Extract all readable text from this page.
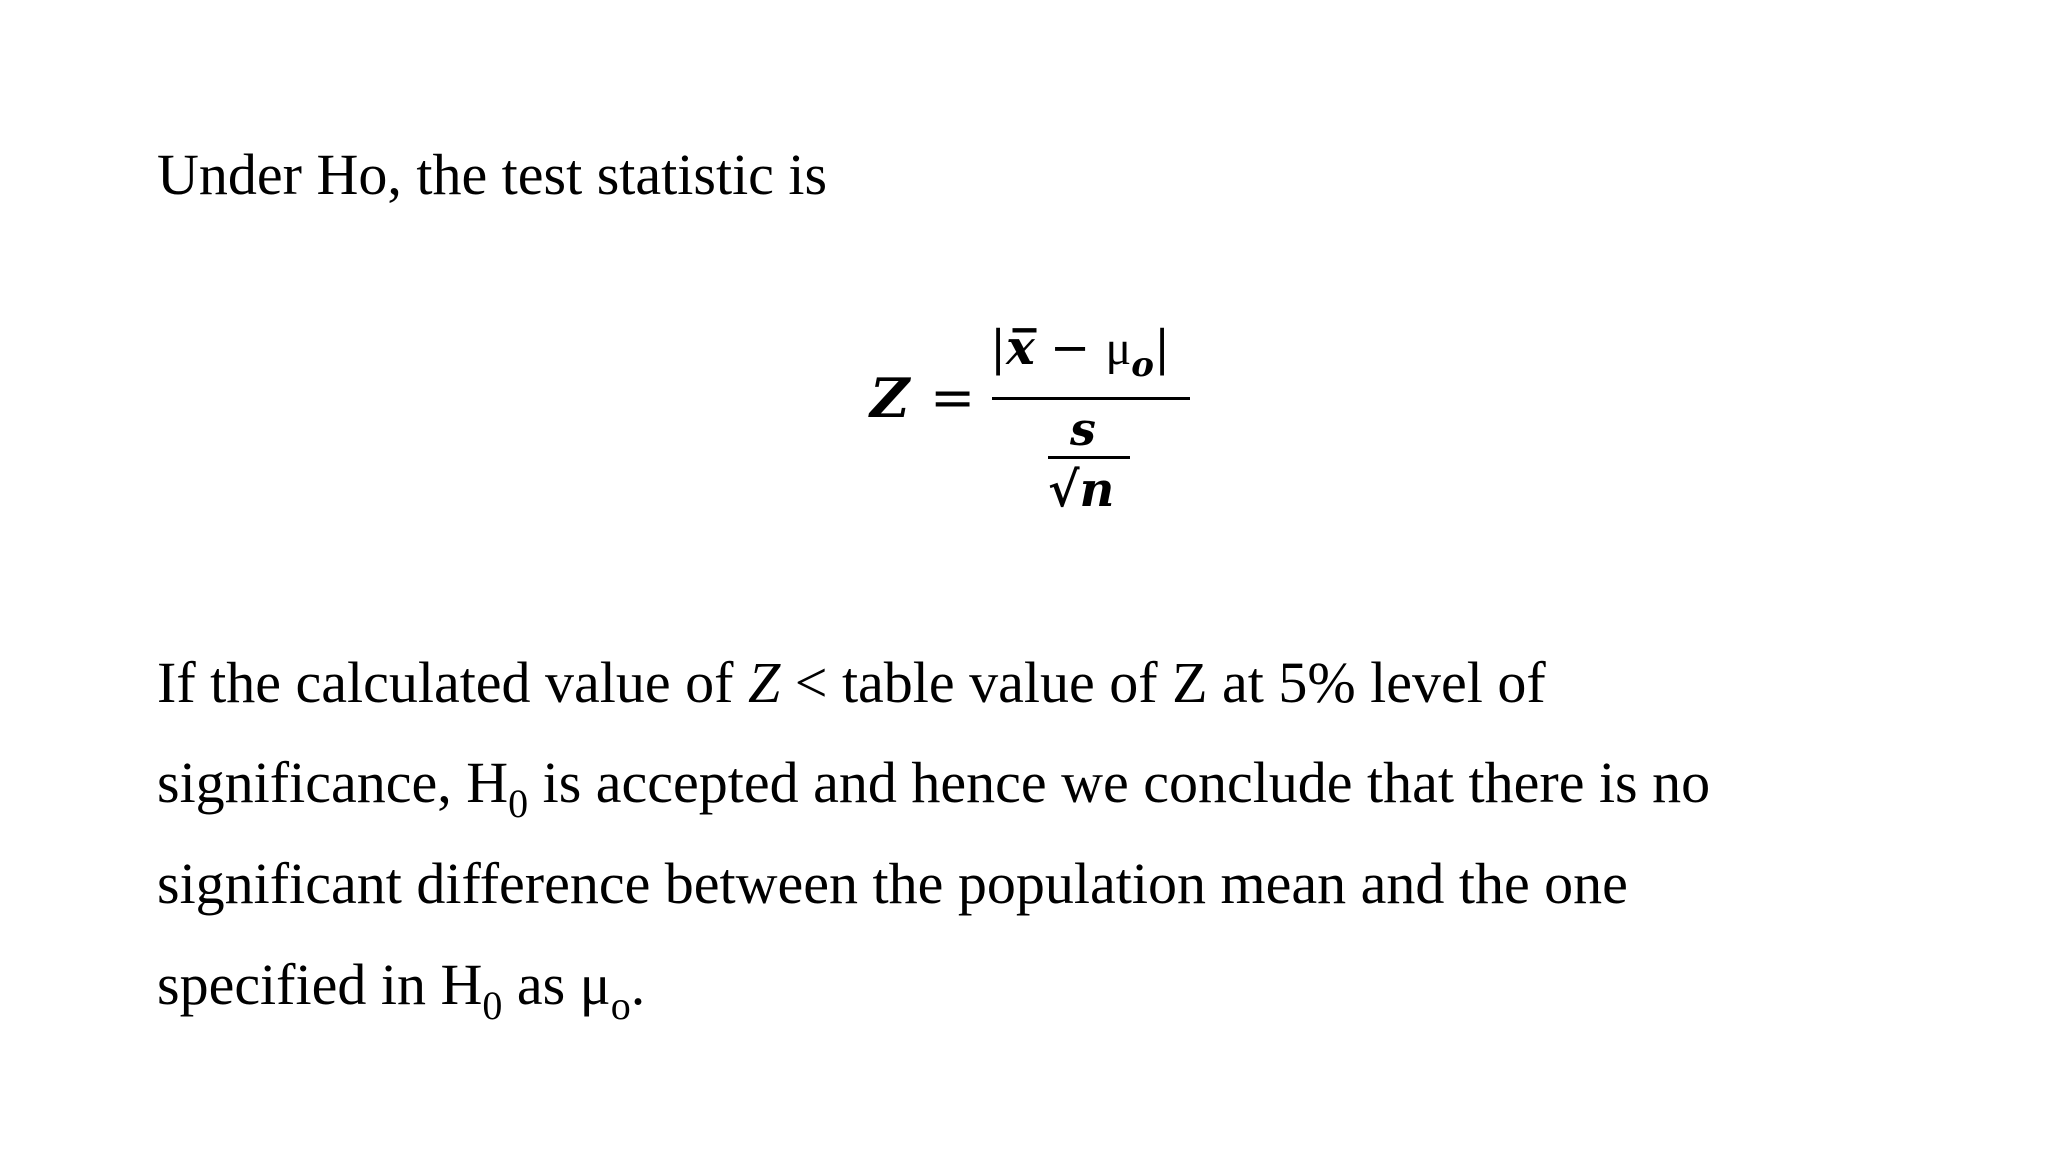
Under Ho, the test statistic is

Z =
|x̅ − $\mu_o|$
s
√n

If the calculated value of Z < table value of Z at 5% level of

significance, $H_0$ is accepted and hence we conclude that there is no

significant difference between the population mean and the one

specified in $H_0$ as $\mu_o$.
